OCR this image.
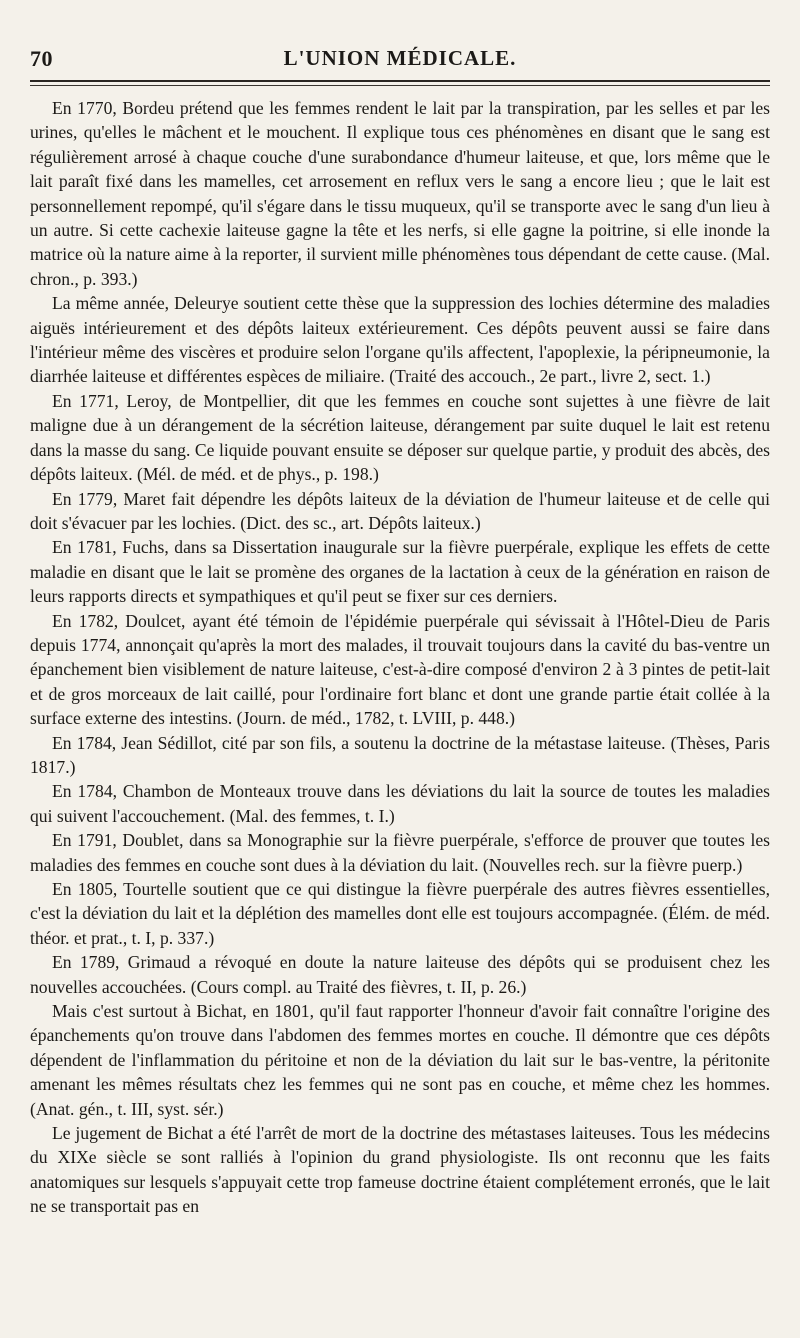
70	L'UNION MÉDICALE.

En 1770, Bordeu prétend que les femmes rendent le lait par la transpiration, par les selles et par les urines, qu'elles le mâchent et le mouchent. Il explique tous ces phénomènes en disant que le sang est régulièrement arrosé à chaque couche d'une surabondance d'humeur laiteuse, et que, lors même que le lait paraît fixé dans les mamelles, cet arrosement en reflux vers le sang a encore lieu ; que le lait est personnellement repompé, qu'il s'égare dans le tissu muqueux, qu'il se transporte avec le sang d'un lieu à un autre. Si cette cachexie laiteuse gagne la tête et les nerfs, si elle gagne la poitrine, si elle inonde la matrice où la nature aime à la reporter, il survient mille phénomènes tous dépendant de cette cause. (Mal. chron., p. 393.)

La même année, Deleurye soutient cette thèse que la suppression des lochies détermine des maladies aiguës intérieurement et des dépôts laiteux extérieurement. Ces dépôts peuvent aussi se faire dans l'intérieur même des viscères et produire selon l'organe qu'ils affectent, l'apoplexie, la péripneumonie, la diarrhée laiteuse et différentes espèces de miliaire. (Traité des accouch., 2e part., livre 2, sect. 1.)

En 1771, Leroy, de Montpellier, dit que les femmes en couche sont sujettes à une fièvre de lait maligne due à un dérangement de la sécrétion laiteuse, dérangement par suite duquel le lait est retenu dans la masse du sang. Ce liquide pouvant ensuite se déposer sur quelque partie, y produit des abcès, des dépôts laiteux. (Mél. de méd. et de phys., p. 198.)

En 1779, Maret fait dépendre les dépôts laiteux de la déviation de l'humeur laiteuse et de celle qui doit s'évacuer par les lochies. (Dict. des sc., art. Dépôts laiteux.)

En 1781, Fuchs, dans sa Dissertation inaugurale sur la fièvre puerpérale, explique les effets de cette maladie en disant que le lait se promène des organes de la lactation à ceux de la génération en raison de leurs rapports directs et sympathiques et qu'il peut se fixer sur ces derniers.

En 1782, Doulcet, ayant été témoin de l'épidémie puerpérale qui sévissait à l'Hôtel-Dieu de Paris depuis 1774, annonçait qu'après la mort des malades, il trouvait toujours dans la cavité du bas-ventre un épanchement bien visiblement de nature laiteuse, c'est-à-dire composé d'environ 2 à 3 pintes de petit-lait et de gros morceaux de lait caillé, pour l'ordinaire fort blanc et dont une grande partie était collée à la surface externe des intestins. (Journ. de méd., 1782, t. LVIII, p. 448.)

En 1784, Jean Sédillot, cité par son fils, a soutenu la doctrine de la métastase laiteuse. (Thèses, Paris 1817.)

En 1784, Chambon de Monteaux trouve dans les déviations du lait la source de toutes les maladies qui suivent l'accouchement. (Mal. des femmes, t. I.)

En 1791, Doublet, dans sa Monographie sur la fièvre puerpérale, s'efforce de prouver que toutes les maladies des femmes en couche sont dues à la déviation du lait. (Nouvelles rech. sur la fièvre puerp.)

En 1805, Tourtelle soutient que ce qui distingue la fièvre puerpérale des autres fièvres essentielles, c'est la déviation du lait et la déplétion des mamelles dont elle est toujours accompagnée. (Élém. de méd. théor. et prat., t. I, p. 337.)

En 1789, Grimaud a révoqué en doute la nature laiteuse des dépôts qui se produisent chez les nouvelles accouchées. (Cours compl. au Traité des fièvres, t. II, p. 26.)

Mais c'est surtout à Bichat, en 1801, qu'il faut rapporter l'honneur d'avoir fait connaître l'origine des épanchements qu'on trouve dans l'abdomen des femmes mortes en couche. Il démontre que ces dépôts dépendent de l'inflammation du péritoine et non de la déviation du lait sur le bas-ventre, la péritonite amenant les mêmes résultats chez les femmes qui ne sont pas en couche, et même chez les hommes. (Anat. gén., t. III, syst. sér.)

Le jugement de Bichat a été l'arrêt de mort de la doctrine des métastases laiteuses. Tous les médecins du XIXe siècle se sont ralliés à l'opinion du grand physiologiste. Ils ont reconnu que les faits anatomiques sur lesquels s'appuyait cette trop fameuse doctrine étaient complétement erronés, que le lait ne se transportait pas en
